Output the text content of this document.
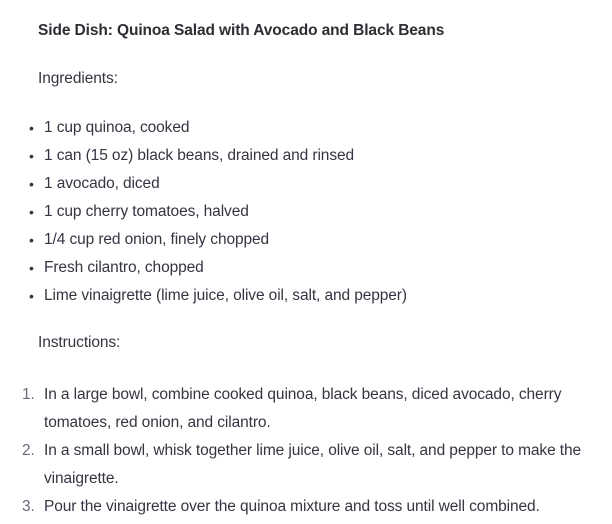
Side Dish: Quinoa Salad with Avocado and Black Beans
Ingredients:
• 1 cup quinoa, cooked
• 1 can (15 oz) black beans, drained and rinsed
• 1 avocado, diced
• 1 cup cherry tomatoes, halved
• 1/4 cup red onion, finely chopped
• Fresh cilantro, chopped
• Lime vinaigrette (lime juice, olive oil, salt, and pepper)
Instructions:
1. In a large bowl, combine cooked quinoa, black beans, diced avocado, cherry tomatoes, red onion, and cilantro.
2. In a small bowl, whisk together lime juice, olive oil, salt, and pepper to make the vinaigrette.
3. Pour the vinaigrette over the quinoa mixture and toss until well combined.
